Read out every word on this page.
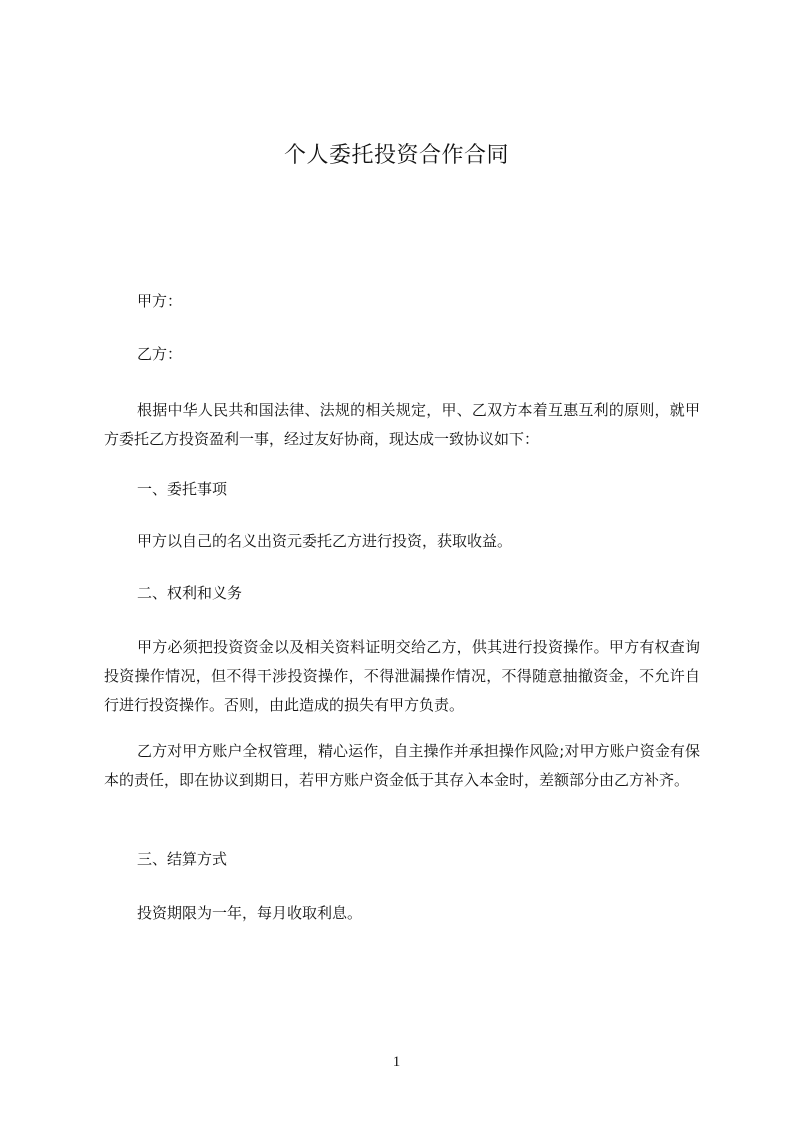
个人委托投资合作合同
甲方：
乙方：
根据中华人民共和国法律、法规的相关规定，甲、乙双方本着互惠互利的原则，就甲方委托乙方投资盈利一事，经过友好协商，现达成一致协议如下：
一、委托事项
甲方以自己的名义出资元委托乙方进行投资，获取收益。
二、权利和义务
甲方必须把投资资金以及相关资料证明交给乙方，供其进行投资操作。甲方有权查询投资操作情况，但不得干涉投资操作，不得泄漏操作情况，不得随意抽撤资金，不允许自行进行投资操作。否则，由此造成的损失有甲方负责。
乙方对甲方账户全权管理，精心运作，自主操作并承担操作风险;对甲方账户资金有保本的责任，即在协议到期日，若甲方账户资金低于其存入本金时，差额部分由乙方补齐。
三、结算方式
投资期限为一年，每月收取利息。
1
